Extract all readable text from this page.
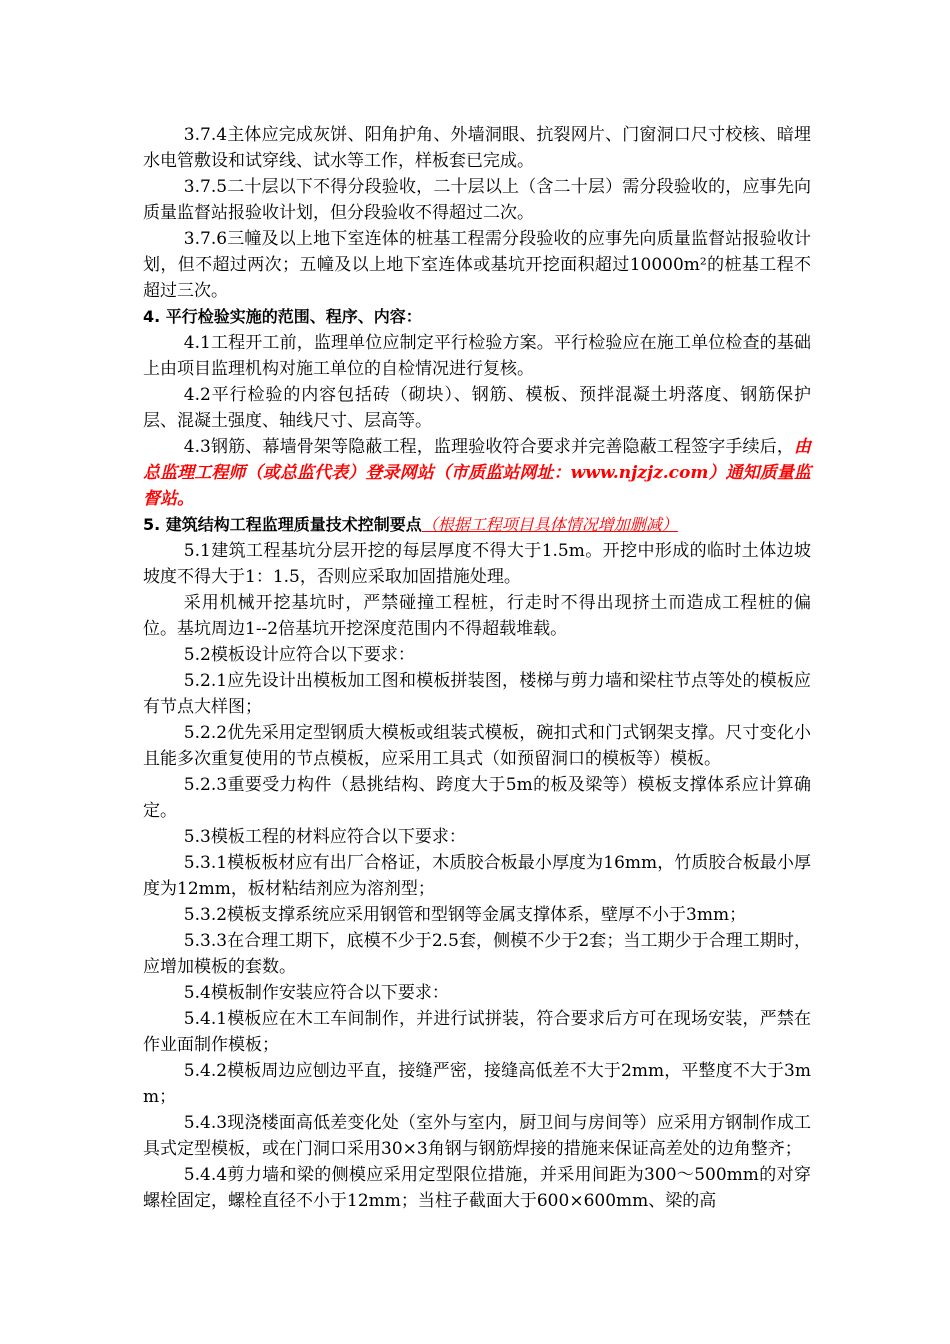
3.7.4主体应完成灰饼、阳角护角、外墙洞眼、抗裂网片、门窗洞口尺寸校核、暗埋水电管敷设和试穿线、试水等工作，样板套已完成。

3.7.5二十层以下不得分段验收，二十层以上（含二十层）需分段验收的，应事先向质量监督站报验收计划，但分段验收不得超过二次。

3.7.6三幢及以上地下室连体的桩基工程需分段验收的应事先向质量监督站报验收计划，但不超过两次；五幢及以上地下室连体或基坑开挖面积超过10000m²的桩基工程不超过三次。

4. 平行检验实施的范围、程序、内容：

4.1工程开工前，监理单位应制定平行检验方案。平行检验应在施工单位检查的基础上由项目监理机构对施工单位的自检情况进行复核。

4.2平行检验的内容包括砖（砌块）、钢筋、模板、预拌混凝土坍落度、钢筋保护层、混凝土强度、轴线尺寸、层高等。

4.3钢筋、幕墙骨架等隐蔽工程，监理验收符合要求并完善隐蔽工程签字手续后，由总监理工程师（或总监代表）登录网站（市质监站网址：www.njzjz.com）通知质量监督站。

5. 建筑结构工程监理质量技术控制要点（根据工程项目具体情况增加删减）

5.1建筑工程基坑分层开挖的每层厚度不得大于1.5m。开挖中形成的临时土体边坡坡度不得大于1：1.5，否则应采取加固措施处理。

采用机械开挖基坑时，严禁碰撞工程桩，行走时不得出现挤土而造成工程桩的偏位。基坑周边1--2倍基坑开挖深度范围内不得超载堆载。

5.2模板设计应符合以下要求：

5.2.1应先设计出模板加工图和模板拼装图，楼梯与剪力墙和梁柱节点等处的模板应有节点大样图；

5.2.2优先采用定型钢质大模板或组装式模板，碗扣式和门式钢架支撑。尺寸变化小且能多次重复使用的节点模板，应采用工具式（如预留洞口的模板等）模板。

5.2.3重要受力构件（悬挑结构、跨度大于5m的板及梁等）模板支撑体系应计算确定。

5.3模板工程的材料应符合以下要求：

5.3.1模板板材应有出厂合格证，木质胶合板最小厚度为16mm，竹质胶合板最小厚度为12mm，板材粘结剂应为溶剂型；

5.3.2模板支撑系统应采用钢管和型钢等金属支撑体系，壁厚不小于3mm；

5.3.3在合理工期下，底模不少于2.5套，侧模不少于2套；当工期少于合理工期时，应增加模板的套数。

5.4模板制作安装应符合以下要求：

5.4.1模板应在木工车间制作，并进行试拼装，符合要求后方可在现场安装，严禁在作业面制作模板；

5.4.2模板周边应刨边平直，接缝严密，接缝高低差不大于2mm，平整度不大于3mm；

5.4.3现浇楼面高低差变化处（室外与室内，厨卫间与房间等）应采用方钢制作成工具式定型模板，或在门洞口采用30×3角钢与钢筋焊接的措施来保证高差处的边角整齐；

5.4.4剪力墙和梁的侧模应采用定型限位措施，并采用间距为300～500mm的对穿螺栓固定，螺栓直径不小于12mm；当柱子截面大于600×600mm、梁的高
